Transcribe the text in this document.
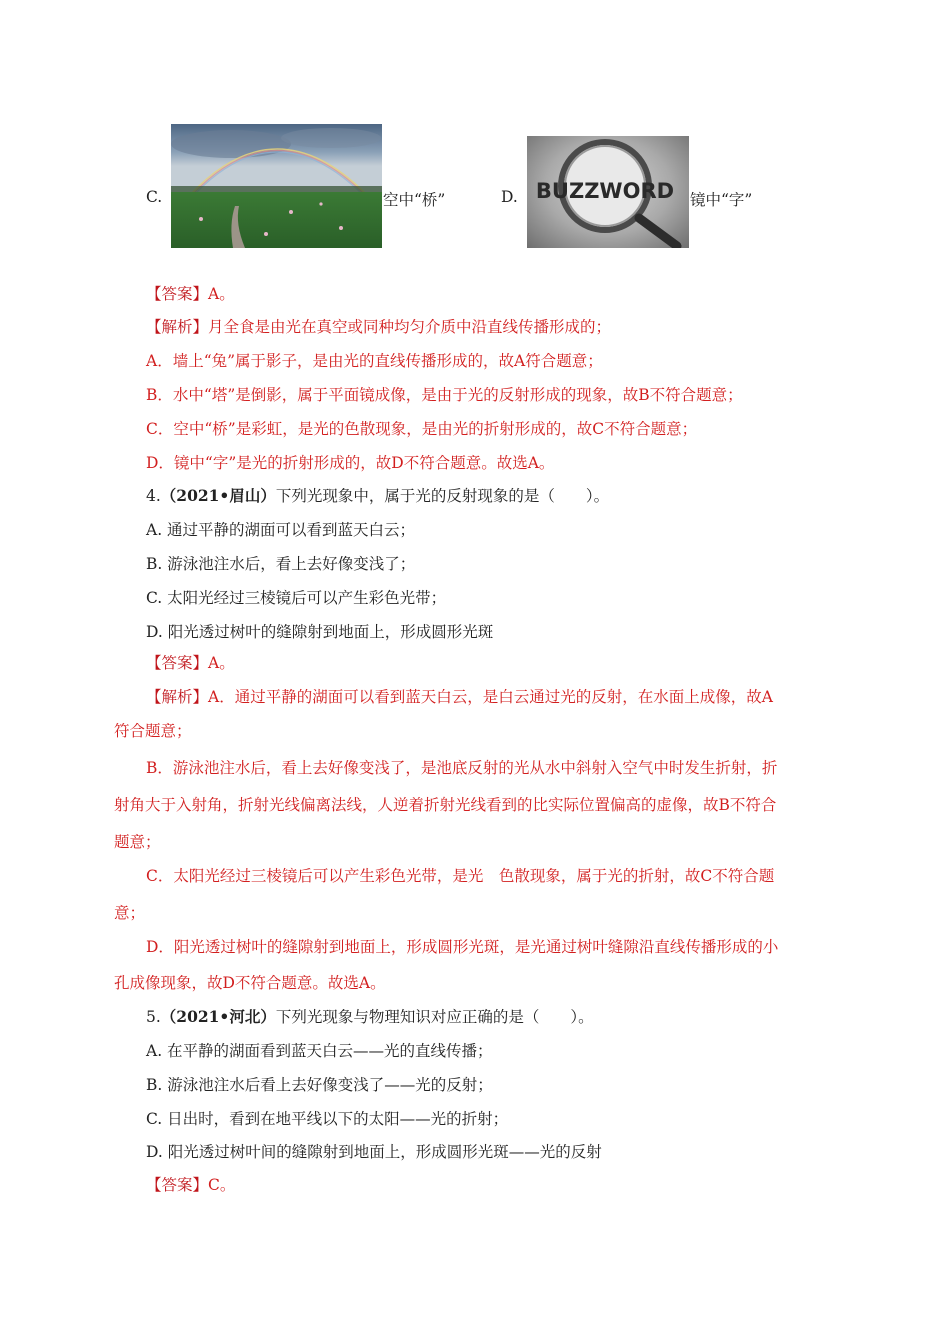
C.	空中“桥”	D. BUZZWORD 镜中“字”
【答案】A。
【解析】月全食是由光在真空或同种均匀介质中沿直线传播形成的；
A．墙上“兔”属于影子，是由光的直线传播形成的，故A符合题意；
B．水中“塔”是倒影，属于平面镜成像，是由于光的反射形成的现象，故B不符合题意；
C．空中“桥”是彩虹，是光的色散现象，是由光的折射形成的，故C不符合题意；
D．镜中“字”是光的折射形成的，故D不符合题意。故选A。
4.（2021•眉山）下列光现象中，属于光的反射现象的是（　　）。
A. 通过平静的湖面可以看到蓝天白云；
B. 游泳池注水后，看上去好像变浅了；
C. 太阳光经过三棱镜后可以产生彩色光带；
D. 阳光透过树叶的缝隙射到地面上，形成圆形光斑
【答案】A。
【解析】A．通过平静的湖面可以看到蓝天白云，是白云通过光的反射，在水面上成像，故A
符合题意；
B．游泳池注水后，看上去好像变浅了，是池底反射的光从水中斜射入空气中时发生折射，折
射角大于入射角，折射光线偏离法线，人逆着折射光线看到的比实际位置偏高的虚像，故B不符合
题意；
C．太阳光经过三棱镜后可以产生彩色光带，是光　色散现象，属于光的折射，故C不符合题
意；
D．阳光透过树叶的缝隙射到地面上，形成圆形光斑，是光通过树叶缝隙沿直线传播形成的小
孔成像现象，故D不符合题意。故选A。
5.（2021•河北）下列光现象与物理知识对应正确的是（　　）。
A. 在平静的湖面看到蓝天白云——光的直线传播；
B. 游泳池注水后看上去好像变浅了——光的反射；
C. 日出时，看到在地平线以下的太阳——光的折射；
D. 阳光透过树叶间的缝隙射到地面上，形成圆形光斑——光的反射
【答案】C。
